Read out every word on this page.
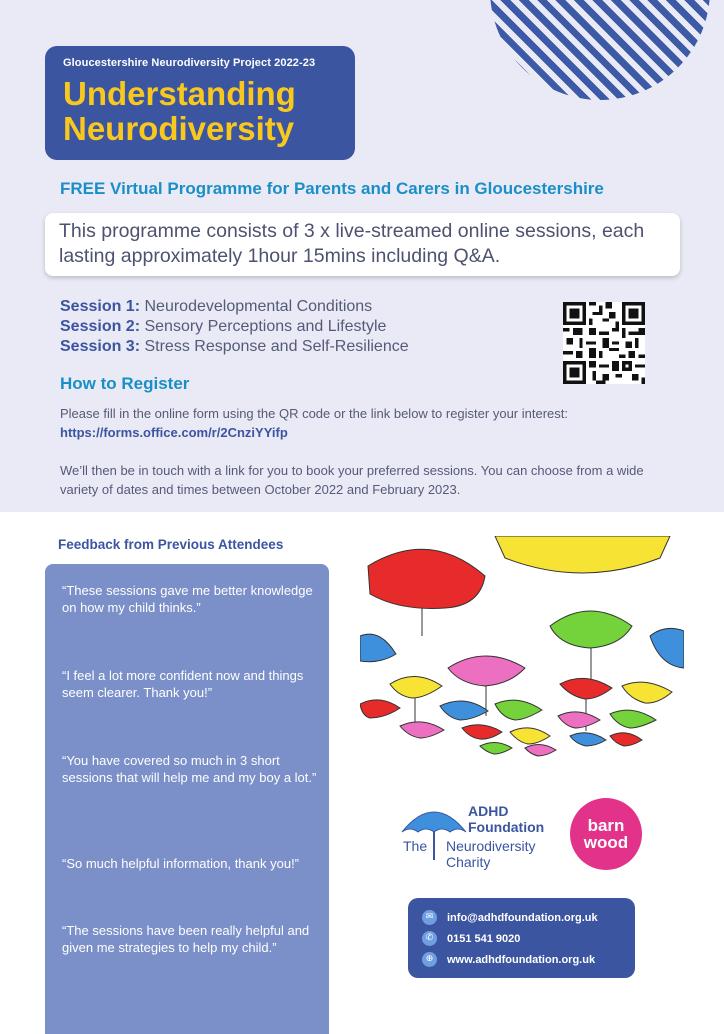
Gloucestershire Neurodiversity Project 2022-23
Understanding
Neurodiversity
FREE Virtual Programme for Parents and Carers in Gloucestershire
This programme consists of 3 x live-streamed online sessions, each lasting approximately 1hour 15mins including Q&A.
Session 1: Neurodevelopmental Conditions
Session 2: Sensory Perceptions and Lifestyle
Session 3: Stress Response and Self-Resilience
How to Register
Please fill in the online form using the QR code or the link below to register your interest:
https://forms.office.com/r/2CnziYYifp
We’ll then be in touch with a link for you to book your preferred sessions. You can choose from a wide variety of dates and times between October 2022 and February 2023.
Feedback from Previous Attendees
“These sessions gave me better knowledge on how my child thinks.”
“I feel a lot more confident now and things seem clearer. Thank you!”
“You have covered so much in 3 short sessions that will help me and my boy a lot.”
“So much helpful information, thank you!”
“The sessions have been really helpful and given me strategies to help my child.”
ADHD
Foundation
The Neurodiversity
Charity
barn
wood
✉	info@adhdfoundation.org.uk
✆	0151 541 9020
⊕	www.adhdfoundation.org.uk
